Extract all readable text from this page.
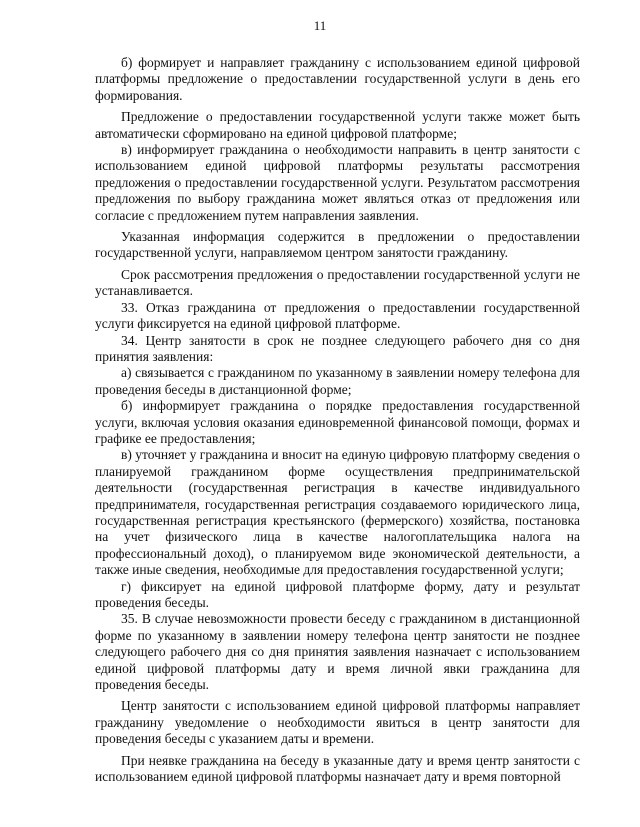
11

б) формирует и направляет гражданину с использованием единой цифровой платформы предложение о предоставлении государственной услуги в день его формирования.

Предложение о предоставлении государственной услуги также может быть автоматически сформировано на единой цифровой платформе;

в) информирует гражданина о необходимости направить в центр занятости с использованием единой цифровой платформы результаты рассмотрения предложения о предоставлении государственной услуги. Результатом рассмотрения предложения по выбору гражданина может являться отказ от предложения или согласие с предложением путем направления заявления.

Указанная информация содержится в предложении о предоставлении государственной услуги, направляемом центром занятости гражданину.

Срок рассмотрения предложения о предоставлении государственной услуги не устанавливается.

33. Отказ гражданина от предложения о предоставлении государственной услуги фиксируется на единой цифровой платформе.

34. Центр занятости в срок не позднее следующего рабочего дня со дня принятия заявления:

а) связывается с гражданином по указанному в заявлении номеру телефона для проведения беседы в дистанционной форме;

б) информирует гражданина о порядке предоставления государственной услуги, включая условия оказания единовременной финансовой помощи, формах и графике ее предоставления;

в) уточняет у гражданина и вносит на единую цифровую платформу сведения о планируемой гражданином форме осуществления предпринимательской деятельности (государственная регистрация в качестве индивидуального предпринимателя, государственная регистрация создаваемого юридического лица, государственная регистрация крестьянского (фермерского) хозяйства, постановка на учет физического лица в качестве налогоплательщика налога на профессиональный доход), о планируемом виде экономической деятельности, а также иные сведения, необходимые для предоставления государственной услуги;

г) фиксирует на единой цифровой платформе форму, дату и результат проведения беседы.

35. В случае невозможности провести беседу с гражданином в дистанционной форме по указанному в заявлении номеру телефона центр занятости не позднее следующего рабочего дня со дня принятия заявления назначает с использованием единой цифровой платформы дату и время личной явки гражданина для проведения беседы.

Центр занятости с использованием единой цифровой платформы направляет гражданину уведомление о необходимости явиться в центр занятости для проведения беседы с указанием даты и времени.

При неявке гражданина на беседу в указанные дату и время центр занятости с использованием единой цифровой платформы назначает дату и время повторной
